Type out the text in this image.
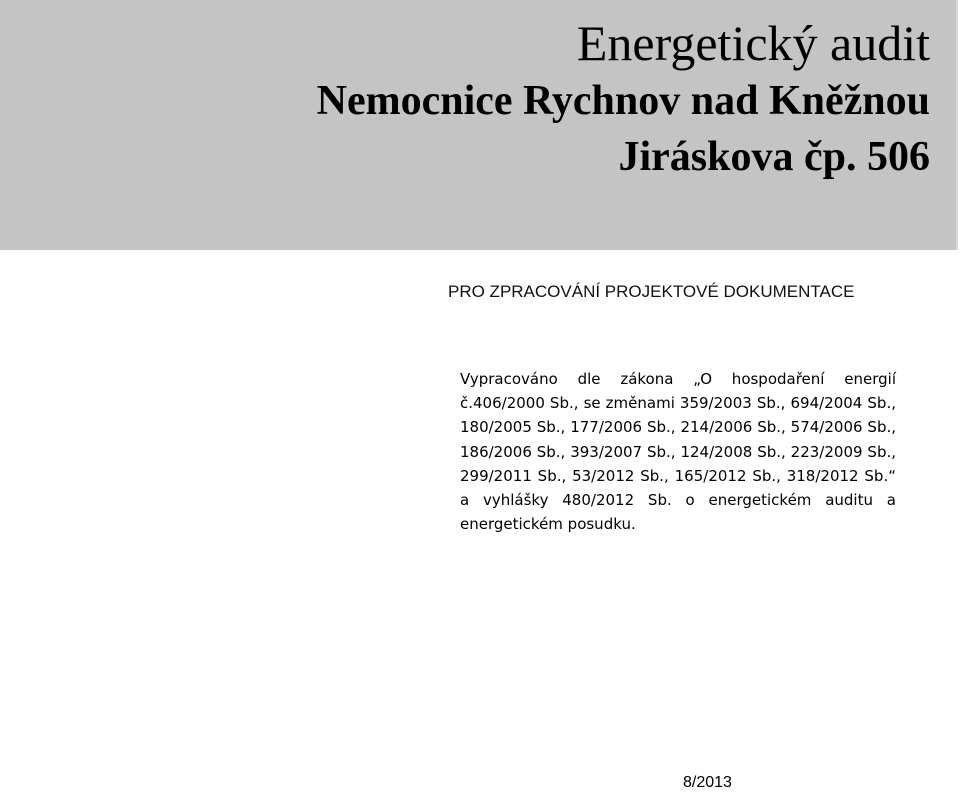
Energetický audit
Nemocnice Rychnov nad Kněžnou
Jiráskova čp. 506
PRO ZPRACOVÁNÍ PROJEKTOVÉ DOKUMENTACE

Vypracováno dle zákona „O hospodaření energií č.406/2000 Sb., se změnami 359/2003 Sb., 694/2004 Sb., 180/2005 Sb., 177/2006 Sb., 214/2006 Sb., 574/2006 Sb., 186/2006 Sb., 393/2007 Sb., 124/2008 Sb., 223/2009 Sb., 299/2011 Sb., 53/2012 Sb., 165/2012 Sb., 318/2012 Sb.“ a vyhlášky 480/2012 Sb. o energetickém auditu a energetickém posudku.

8/2013
